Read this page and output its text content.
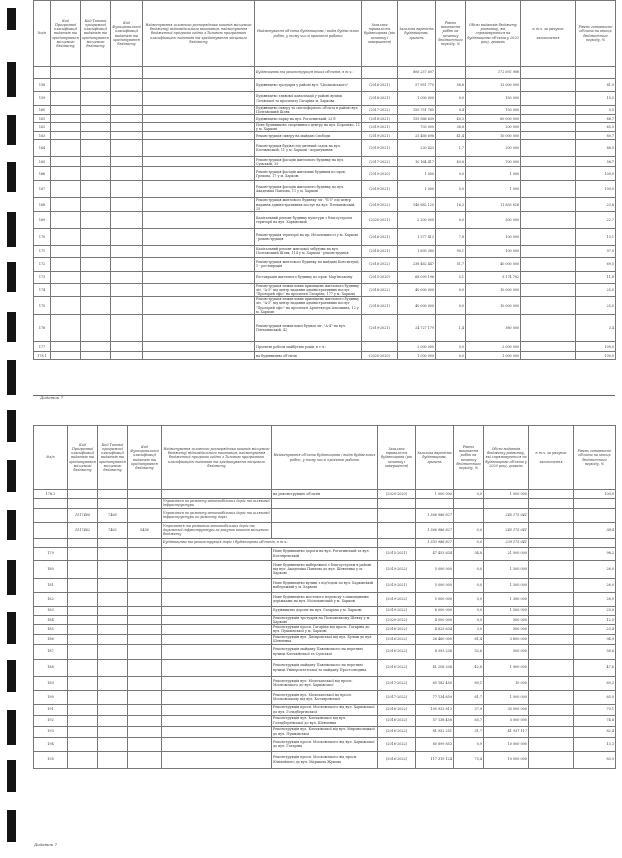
№з/п	Код Програмної класифікації видатків та кредитування місцевого бюджету	Код Типової програмної класифікації видатків та кредитування місцевого бюджету	Код Функціональної класифікації видатків та кредитування бюджету	Найменування головного розпорядника коштів місцевого бюджету/ відповідального виконавця, найменування бюджетної програми згідно з Типовою програмною класифікацією видатків та кредитування місцевого бюджету	Найменування об'єкта будівництва / видів будівельних робіт, у тому числі проектні роботи	Загальна тривалість будівництва (рік початку і завершення)	Загальна вартість будівництва, гривень	Рівень виконання робіт на початку бюджетного періоду, %	Обсяг видатків бюджету розвитку, які спрямовуються на будівництво об'єкта у 2020 році, гривень	в т.ч. за рахунок

запозичення	Рівень готовності об'єкта на кінець бюджетного періоду, %
					Будівництво та реконструкція інших об'єктів, в т.ч.:		806 257 607		172 692 968		
158					Будівництво тротуарів у районі вул. "Ціолковського"	(2016-2021)	57 951 775	58,6	13 000 000		81,0
159					Будівництво зливової каналізації у районі вулиць Лозівської та проспекту Гагаріна м. Харкова	(2018-2021)	1 000 000	0,0	150 000		15,0
160					Будівництво скверу та світлофорного об'єкта в районі вул. Полтавський Шлях	(2017-2022)	150 751 765	0,4	150 000		0,5
161					Будівництво парку на вул. Рогатинській, 23 б	(2018-2021)	155 566 639	40,3	60 000 000		88,7
162					Нове будівництво спортивного центру на вул. Борзенко, 11 у м. Харкові	(2019-2021)	703 000	36,8	200 000		65,0
163					Реконструкція скверу на майдані Свободи	(2019-2021)	25 468 698	41,4	10 000 000		80,7
164					Реконструкція будівлі під дитячий садок на вул. Клочківській, 11 у м. Харкові - коригування	(2019-2021)	230 433	1,7	200 000		88,5
165					Реконструкція фасадів житлового будинку на вул. Сумській, 35	(2017-2022)	10 164 417	49,8	700 000		56,7
166					Реконструкція фасадів житлових будинків по пров. Грекова, 17 у м. Харкові	(2019-2020)	1 000	0,0	1 000		100,0
167					Реконструкція фасадів житлового будинку по вул. Академіка Павлова, 11 у м. Харкові	(2019-2021)	1 000	0,0	1 000		100,0
168					Реконструкція житлового будинку літ. "Б-5" під центр надання адміністративних послуг на вул. Плеханівській, 25	(2019-2022)	146 882 125	16,3	11 655 626		23,8
169					Капітальний ремонт будинку культури з благоустроєм території на вул. Харківській	(2020-2021)	2 200 000	0,0	500 000		22,7
170					Реконструкція території на пр. Незалежності у м. Харкові - реконструкція	(2016-2021)	1 377 413	7,8	100 000		15,1
171					Капітальний ремонт житлової забудови на вул. Полтавський Шлях, 114 у м. Харкові - реконструкція	(2018-2021)	1 695 380	90,1	100 000		97,0
172					Реконструкція житлового будинку на майдані Конституції, 1 - реставрація	(2016-2022)	238 462 447	51,7	40 000 000		69,5
173					Реставрація житлового будинку по пров. Мар'їнському	(2015-2020)	68 099 196	5,1	5 174 782		11,8
174					Реконструкція нежитлових приміщень житлового будинку літ. "А-5" під центр надання адміністративних послуг "Прозорий офіс" на проспекті Гагаріна, 177 у м. Харкові	(2018-2022)	40 000 000	0,0	10 000 000		25,0
175					Реконструкція нежитлових приміщень житлового будинку літ. "А-5" під центр надання адміністративних послуг "Прозорий офіс" на проспекті Архітектора Альошина, 12 у м. Харкові	(2018-2021)	40 000 000	0,0	10 000 000		25,0
176					Реконструкція нежитлової будівлі літ. "А-4" на вул. Плеханівській, 42	(2019-2021)	24 727 179	1,4	380 000		3,4
177					Проектні роботи майбутніх років, в т.ч.:		2 000 000	0,0	2 000 000		100,0
178.1					на будівництво об'єктів	(2020-2020)	1 000 000	0,0	1 000 000		100,0
Додаток 7
№з/п	Код Програмної класифікації видатків та кредитування місцевого бюджету	Код Типової програмної класифікації видатків та кредитування місцевого бюджету	Код Функціональної класифікації видатків та кредитування бюджету	Найменування головного розпорядника коштів місцевого бюджету/ відповідального виконавця, найменування бюджетної програми згідно з Типовою програмною класифікацією видатків та кредитування місцевого бюджету	Найменування об'єкта будівництва / видів будівельних робіт, у тому числі проектні роботи	Загальна тривалість будівництва (рік початку і завершення)	Загальна вартість будівництва, гривень	Рівень виконання робіт на початку бюджетного періоду, %	Обсяг видатків бюджету розвитку, які спрямовуються на будівництво об'єкта у 2020 році, гривень	в т.ч. за рахунок

запозичення	Рівень готовності об'єкта на кінець бюджетного періоду, %
178.2					на реконструкцію об'єктів	(2020-2020)	1 000 000	0,0	1 000 000		100,0
				Управління по ремонту автомобільних доріг та шляхової інфраструктури							
	1517460	7460		Управління по ремонту автомобільних доріг та шляхової інфраструктури по ремонту доріг			1 366 986 827		240 175 041		
	1517462	7462	0456	Утримання та розвиток автомобільних доріг та дорожньої інфраструктури за рахунок коштів місцевого бюджету			1 366 986 827	0,0	240 175 041		38,4
				Будівництво та реконструкція доріг і будівництво об'єктів, в т.ч.:			1 353 986 827	0,0	239 175 041		
179					Нове будівництво дороги на вул. Рогатинській та вул. Котляревській	(2015-2021)	47 453 634	54,8	21 000 000		98,2
180					Нове будівництво набережної з благоустроєм в районі від вул. Академіка Павлова до вул. Шевченка у м. Харкові	(2019-2022)	5 000 000	0,0	1 300 000		26,0
181					Нове будівництво вулиці з під'їздом по вул. Харківській набережній у м. Харкові	(2019-2021)	5 000 000	0,0	1 300 000		26,0
182					Нове будівництво мостового переходу з пішохідними доріжками на вул. Молочанській у м. Харкові	(2019-2022)	5 000 000	0,0	1 300 000		26,0
183					Будівництво дороги на вул. Гагаріна у м. Харкові	(2019-2022)	6 000 000	0,0	1 500 000		25,0
184					Реконструкція тротуарів на Полтавському Шляху у м. Харкові	(2020-2022)	4 000 000	0,0	500 000		12,5
185					Реконструкція просп. Гагаріна від просп. Гагаріна до вул. Пушкінської у м. Харкові	(2016-2022)	4 825 634	3,0	500 000		23,4
186					Реконструкція вул. Дніпровської від вул. Бучми до вул. Шевченка	(2016-2022)	26 460 000	61,4	3 600 000		94,9
187					Реконструкція майдану Павлівського на перетині вулиць Клочківської та Сумської	(2016-2022)	8 393 238	52,6	500 000		58,6
188					Реконструкція майдану Павлівського на перетині вулиць Університетської та майдану Простолюдина	(2016-2022)	41 208 208	42,8	1 900 000		47,6
189					Реконструкція вул. Молочанської від просп. Московського до вул. Харківської	(2017-2022)	85 182 450	69,1	10 000		69,2
190					Реконструкція вул. Молочанської на просп. Московському від вул. Котляревської	(2017-2022)	77 134 659	61,7	1 000 000		65,0
191					Реконструкція просп. Московського від вул. Харківської до вул. Гольдбергівської	(2016-2022)	105 933 813	37,9	35 000 000		70,1
192					Реконструкція вул. Клочківської від вул. Гольдбергівської до вул. Шевченка	(2016-2022)	57 138 458	65,7	5 000 000		74,8
193					Реконструкція вул. Клочківської від вул. Мироносицької до вул. Пушкінської	(2016-2022)	81 952 251	31,7	41 937 117		82,4
194					Реконструкція просп. Московського від вул. Харківської до вул. Гагаріна	(2016-2022)	80 899 853	0,9	10 000 000		13,3
195					Реконструкція просп. Московського від просп. Ювілейного до вул. Маршала Жукова	(2016-2022)	117 319 124	75,4	10 000 000		83,9
Додаток 7
